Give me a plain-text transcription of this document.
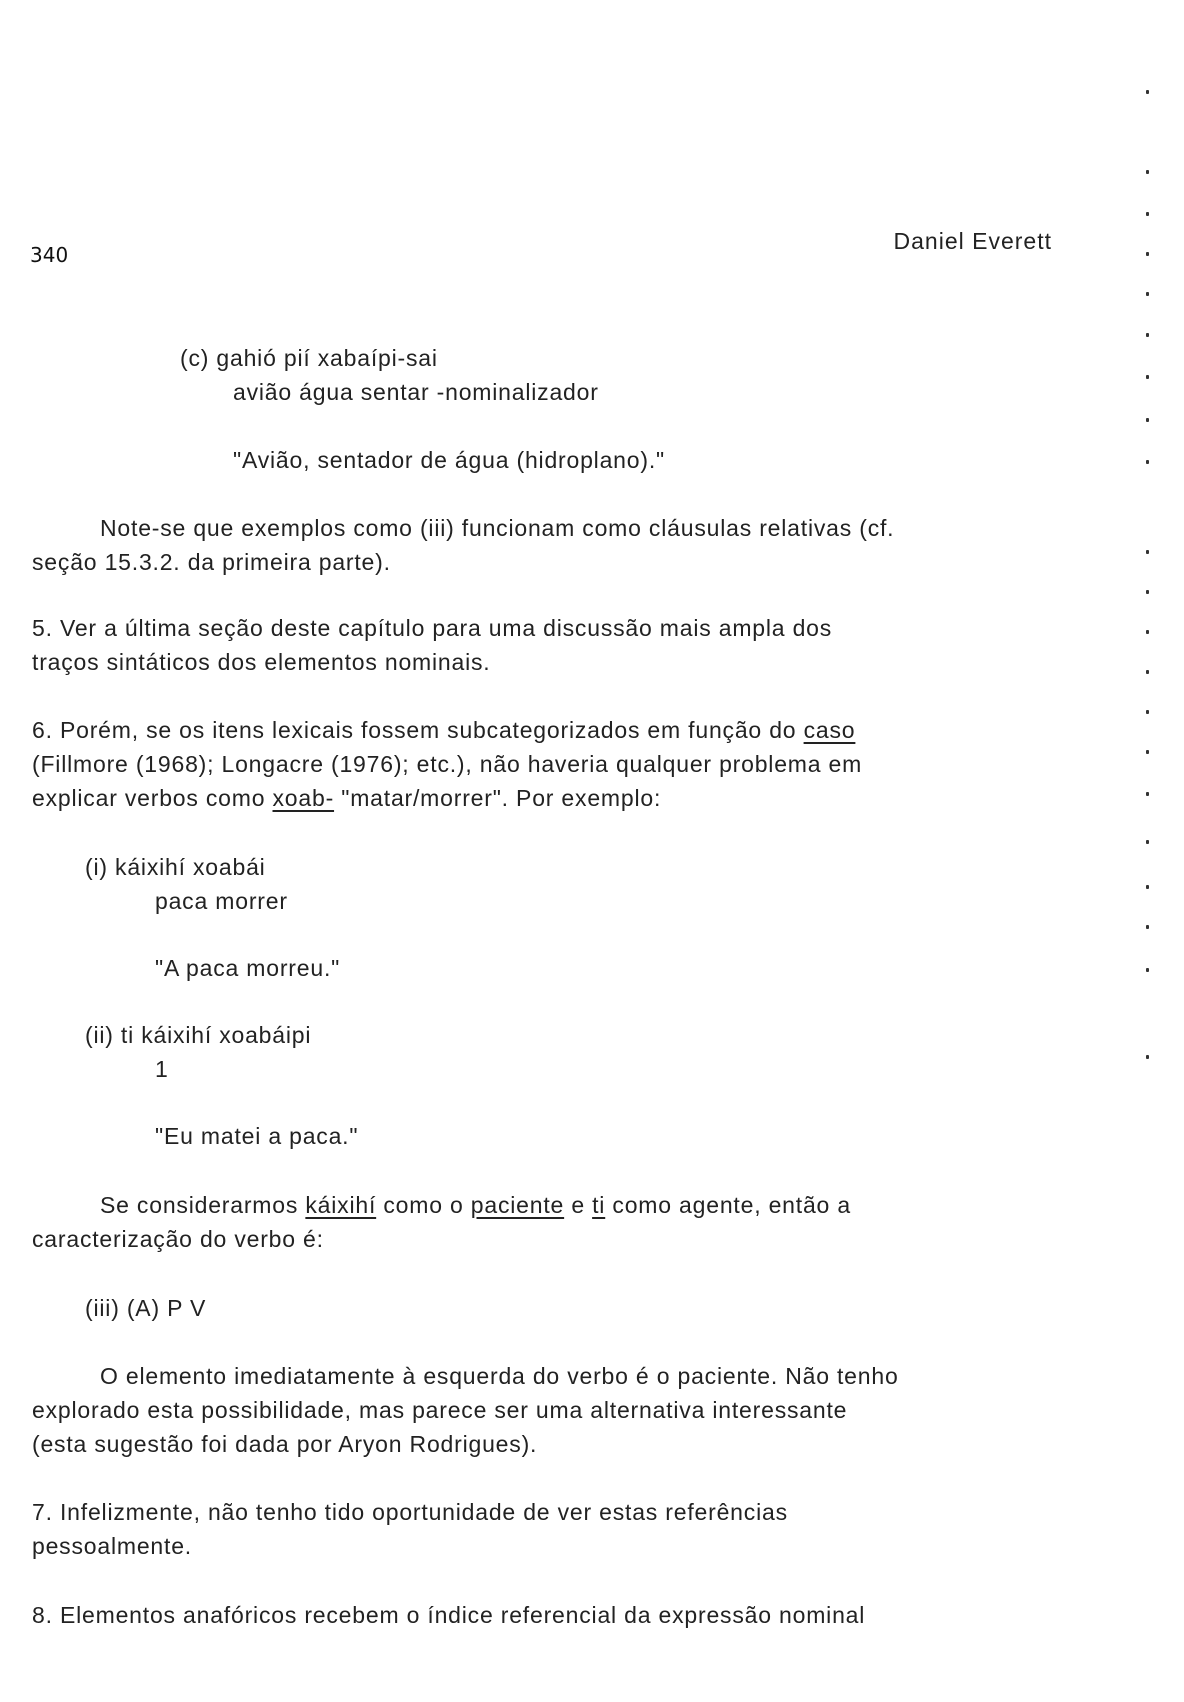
340
Daniel Everett
(c) gahió pií xabaípi-sai
avião água sentar -nominalizador
"Avião, sentador de água (hidroplano)."
Note-se que exemplos como (iii) funcionam como cláusulas relativas (cf.
seção 15.3.2. da primeira parte).
5. Ver a última seção deste capítulo para uma discussão mais ampla dos
traços sintáticos dos elementos nominais.
6. Porém, se os itens lexicais fossem subcategorizados em função do caso
(Fillmore (1968); Longacre (1976); etc.), não haveria qualquer problema em
explicar verbos como xoab- "matar/morrer". Por exemplo:
(i) káixihí xoabái
paca morrer
"A paca morreu."
(ii) ti káixihí xoabáipi
1
"Eu matei a paca."
Se considerarmos káixihí como o paciente e ti como agente, então a
caracterização do verbo é:
(iii) (A) P V
O elemento imediatamente à esquerda do verbo é o paciente. Não tenho
explorado esta possibilidade, mas parece ser uma alternativa interessante
(esta sugestão foi dada por Aryon Rodrigues).
7. Infelizmente, não tenho tido oportunidade de ver estas referências
pessoalmente.
8. Elementos anafóricos recebem o índice referencial da expressão nominal
